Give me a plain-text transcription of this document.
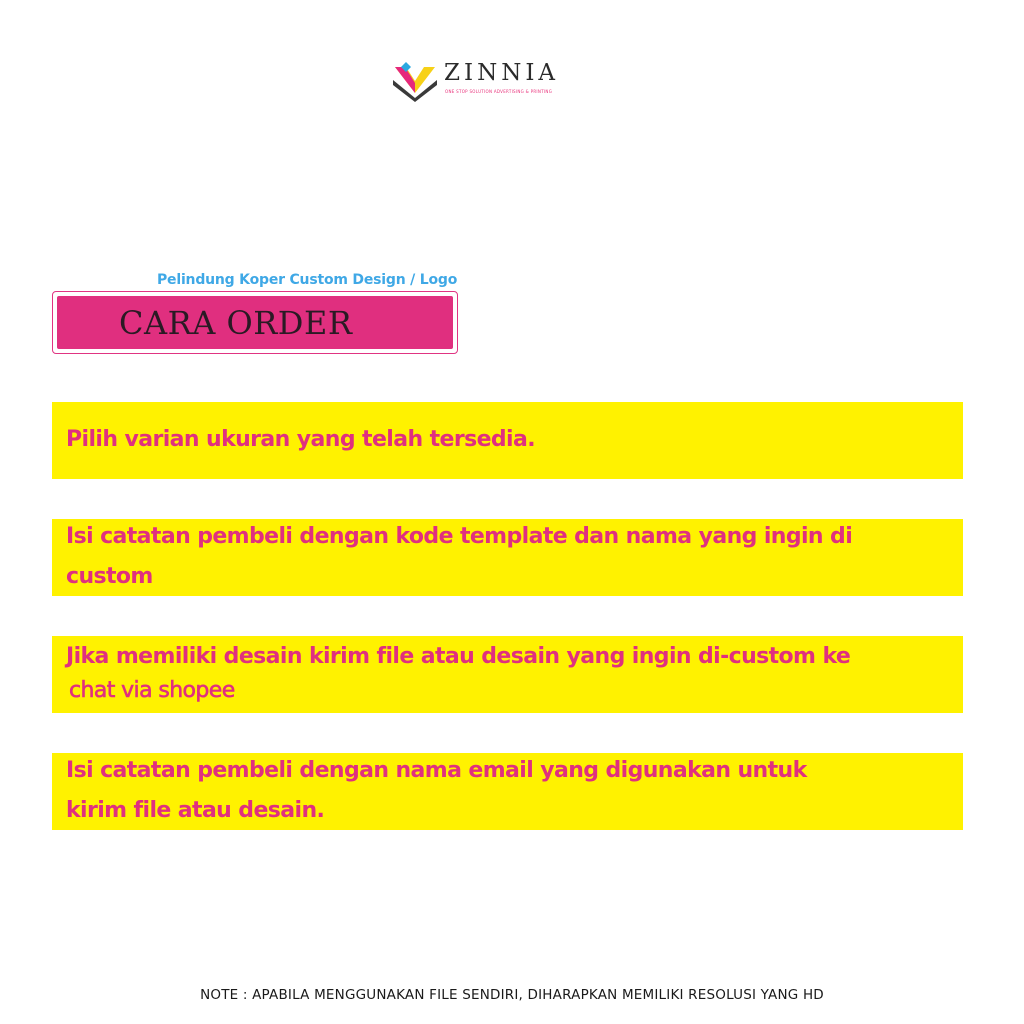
ZINNIA
ONE STOP SOLUTION ADVERTISING & PRINTING
Pelindung Koper Custom Design / Logo
CARA ORDER
Pilih varian ukuran yang telah tersedia.
Isi catatan pembeli dengan kode template dan nama yang ingin di
custom
Jika memiliki desain kirim file atau desain yang ingin di-custom ke
chat via shopee
Isi catatan pembeli dengan nama email yang digunakan untuk
kirim file atau desain.
NOTE : APABILA MENGGUNAKAN FILE SENDIRI, DIHARAPKAN MEMILIKI RESOLUSI YANG HD
